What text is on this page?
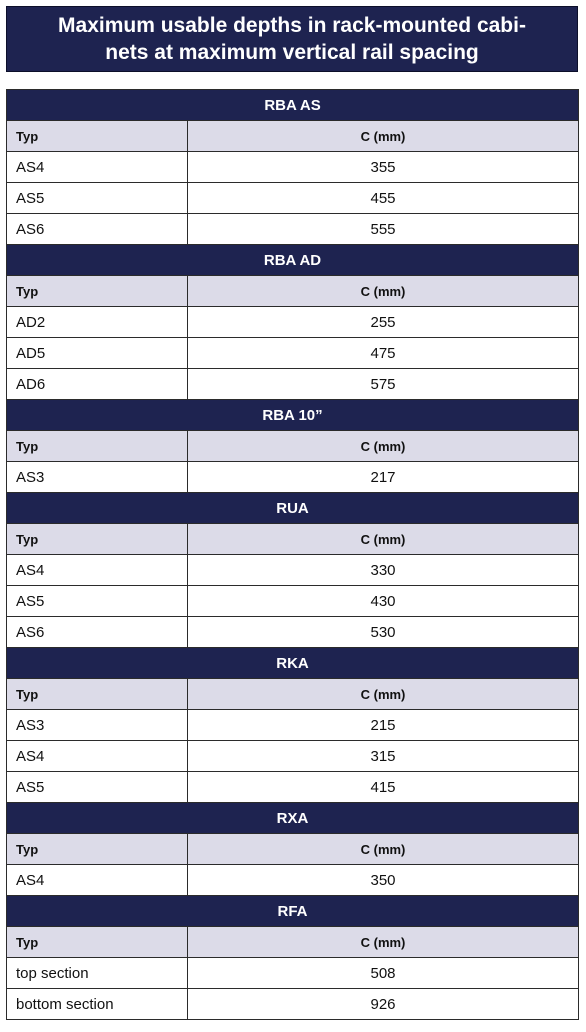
Maximum usable depths in rack-mounted cabi-
nets at maximum vertical rail spacing
RBA AS	
Typ	C (mm)
AS4	355
AS5	455
AS6	555
RBA AD	
Typ	C (mm)
AD2	255
AD5	475
AD6	575
RBA 10”	
Typ	C (mm)
AS3	217
RUA	
Typ	C (mm)
AS4	330
AS5	430
AS6	530
RKA	
Typ	C (mm)
AS3	215
AS4	315
AS5	415
RXA	
Typ	C (mm)
AS4	350
RFA	
Typ	C (mm)
top section	508
bottom section	926
